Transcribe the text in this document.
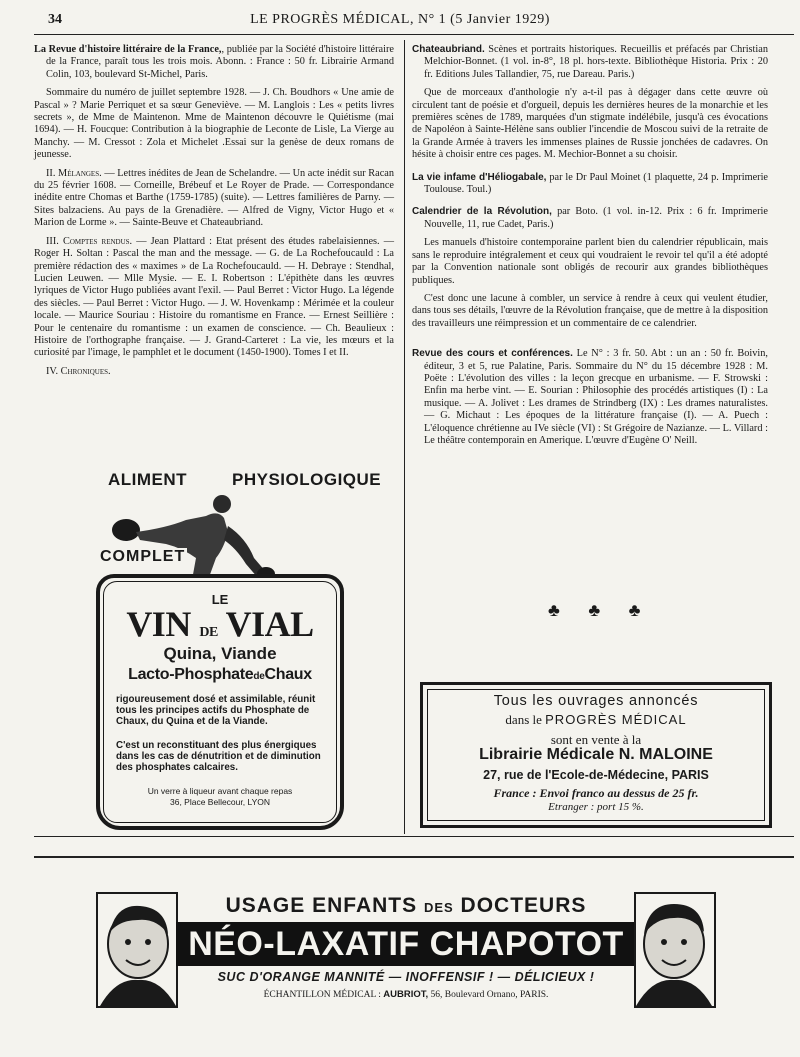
34	LE PROGRÈS MÉDICAL, N° 1 (5 Janvier 1929)

La Revue d'histoire littéraire de la France,, publiée par la Société d'histoire littéraire de la France, paraît tous les trois mois. Abonn. : France : 50 fr. Librairie Armand Colin, 103, boulevard St-Michel, Paris.

Sommaire du numéro de juillet septembre 1928. — J. Ch. Boudhors « Une amie de Pascal » ? Marie Perriquet et sa sœur Geneviève. — M. Langlois : Les « petits livres secrets », de Mme de Maintenon. Mme de Maintenon découvre le Quiétisme (mai 1694). — H. Foucque: Contribution à la biographie de Leconte de Lisle, La Vierge au Manchy. — M. Cressot : Zola et Michelet .Essai sur la genèse de deux romans de jeunesse.

II. Mélanges. — Lettres inédites de Jean de Schelandre. — Un acte inédit sur Racan du 25 février 1608. — Corneille, Brébeuf et Le Royer de Prade. — Correspondance inédite entre Chomas et Barthe (1759-1785) (suite). — Lettres familières de Parny. — Sites balzaciens. Au pays de la Grenadière. — Alfred de Vigny, Victor Hugo et « Marion de Lorme ». — Sainte-Beuve et Chateaubriand.

III. Comptes rendus. — Jean Plattard : Etat présent des études rabelaisiennes. — Roger H. Soltan : Pascal the man and the message. — G. de La Rochefoucauld : La première rédaction des « maximes » de La Rochefoucauld. — H. Debraye : Stendhal, Lucien Leuwen. — Mlle Mysie. — E. I. Robertson : L'épithète dans les œuvres lyriques de Victor Hugo publiées avant l'exil. — Paul Berret : Victor Hugo. La légende des siècles. — Paul Berret : Victor Hugo. — J. W. Hovenkamp : Mérimée et la couleur locale. — Maurice Souriau : Histoire du romantisme en France. — Ernest Seillière : Pour le centenaire du romantisme : un examen de conscience. — Ch. Beaulieux : Histoire de l'orthographe française. — J. Grand-Carteret : La vie, les mœurs et la curiosité par l'image, le pamphlet et le document (1450-1900). Tomes I et II.

IV. Chroniques.

ALIMENT	PHYSIOLOGIQUE
COMPLET
LE
VIN DE VIAL
Quina, Viande
Lacto-PhosphatedeChaux
rigoureusement dosé et assimilable, réunit tous les principes actifs du Phosphate de Chaux, du Quina et de la Viande.
C'est un reconstituant des plus énergiques dans les cas de dénutrition et de diminution des phosphates calcaires.
Un verre à liqueur avant chaque repas
36, Place Bellecour, LYON

Chateaubriand. Scènes et portraits historiques. Recueillis et préfacés par Christian Melchior-Bonnet. (1 vol. in-8°, 18 pl. hors-texte. Bibliothèque Historia. Prix : 20 fr. Editions Jules Tallandier, 75, rue Dareau. Paris.)

Que de morceaux d'anthologie n'y a-t-il pas à dégager dans cette œuvre où circulent tant de poésie et d'orgueil, depuis les dernières heures de la monarchie et les premières scènes de 1789, marquées d'un stigmate indélébile, jusqu'à ces évocations de Napoléon à Sainte-Hélène sans oublier l'incendie de Moscou suivi de la retraite de la Grande Armée à travers les immenses plaines de Russie jonchées de cadavres. On hésite à choisir entre ces pages. M. Mechior-Bonnet a su choisir.

La vie infame d'Héliogabale, par le Dr Paul Moinet (1 plaquette, 24 p. Imprimerie Toulouse. Toul.)

Calendrier de la Révolution, par Boto. (1 vol. in-12. Prix : 6 fr. Imprimerie Nouvelle, 11, rue Cadet, Paris.)

Les manuels d'histoire contemporaine parlent bien du calendrier républicain, mais sans le reproduire intégralement et ceux qui voudraient le revoir tel qu'il a été adopté par la Convention nationale sont obligés de recourir aux grandes bibliothèques publiques.

C'est donc une lacune à combler, un service à rendre à ceux qui veulent étudier, dans tous ses détails, l'œuvre de la Révolution française, que de mettre à la disposition des travailleurs une réimpression et un commentaire de ce calendrier.

Revue des cours et conférences. Le N° : 3 fr. 50. Abt : un an : 50 fr. Boivin, éditeur, 3 et 5, rue Palatine, Paris. Sommaire du N° du 15 décembre 1928 : M. Poëte : L'évolution des villes : la leçon grecque en urbanisme. — F. Strowski : Enfin ma herbe vint. — E. Sourian : Philosophie des procédés artistiques (I) : La musique. — A. Jolivet : Les drames de Strindberg (IX) : Les drames naturalistes. — G. Michaut : Les époques de la littérature française (I). — A. Puech : L'éloquence chrétienne au IVe siècle (VI) : St Grégoire de Nazianze. — L. Villard : Le théâtre contemporain en Amerique. L'œuvre d'Eugène O' Neill.

♣ ♣ ♣
Tous les ouvrages annoncés
dans le PROGRÈS MÉDICAL
sont en vente à la
Librairie Médicale N. MALOINE
27, rue de l'Ecole-de-Médecine, PARIS
France : Envoi franco au dessus de 25 fr.
Etranger : port 15 %.
USAGE ENFANTS DES DOCTEURS
NÉO-LAXATIF CHAPOTOT
SUC D'ORANGE MANNITÉ — INOFFENSIF ! — DÉLICIEUX !
ÉCHANTILLON MÉDICAL : AUBRIOT, 56, Boulevard Ornano, PARIS.
